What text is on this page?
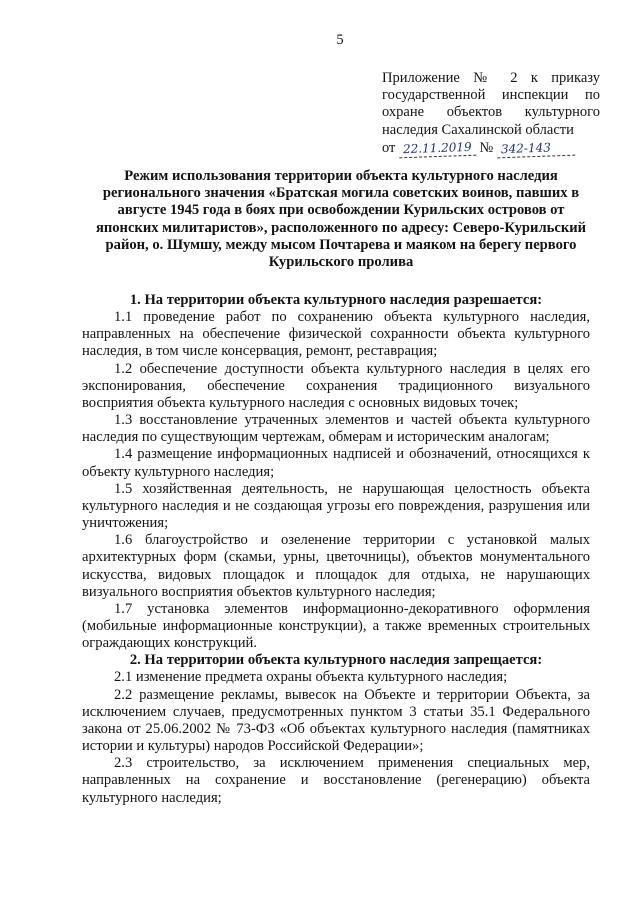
5
Приложение № 2 к приказу государственной инспекции по охране объектов культурного наследия Сахалинской области
от 22.11.2019 № 342-143
Режим использования территории объекта культурного наследия регионального значения «Братская могила советских воинов, павших в августе 1945 года в боях при освобождении Курильских островов от японских милитаристов», расположенного по адресу: Северо-Курильский район, о. Шумшу, между мысом Почтарева и маяком на берегу первого Курильского пролива

1. На территории объекта культурного наследия разрешается:

1.1 проведение работ по сохранению объекта культурного наследия, направленных на обеспечение физической сохранности объекта культурного наследия, в том числе консервация, ремонт, реставрация;

1.2 обеспечение доступности объекта культурного наследия в целях его экспонирования, обеспечение сохранения традиционного визуального восприятия объекта культурного наследия с основных видовых точек;

1.3 восстановление утраченных элементов и частей объекта культурного наследия по существующим чертежам, обмерам и историческим аналогам;

1.4 размещение информационных надписей и обозначений, относящихся к объекту культурного наследия;

1.5 хозяйственная деятельность, не нарушающая целостность объекта культурного наследия и не создающая угрозы его повреждения, разрушения или уничтожения;

1.6 благоустройство и озеленение территории с установкой малых архитектурных форм (скамьи, урны, цветочницы), объектов монументального искусства, видовых площадок и площадок для отдыха, не нарушающих визуального восприятия объектов культурного наследия;

1.7 установка элементов информационно-декоративного оформления (мобильные информационные конструкции), а также временных строительных ограждающих конструкций.

2. На территории объекта культурного наследия запрещается:

2.1 изменение предмета охраны объекта культурного наследия;

2.2 размещение рекламы, вывесок на Объекте и территории Объекта, за исключением случаев, предусмотренных пунктом 3 статьи 35.1 Федерального закона от 25.06.2002 № 73-ФЗ «Об объектах культурного наследия (памятниках истории и культуры) народов Российской Федерации»;

2.3 строительство, за исключением применения специальных мер, направленных на сохранение и восстановление (регенерацию) объекта культурного наследия;
